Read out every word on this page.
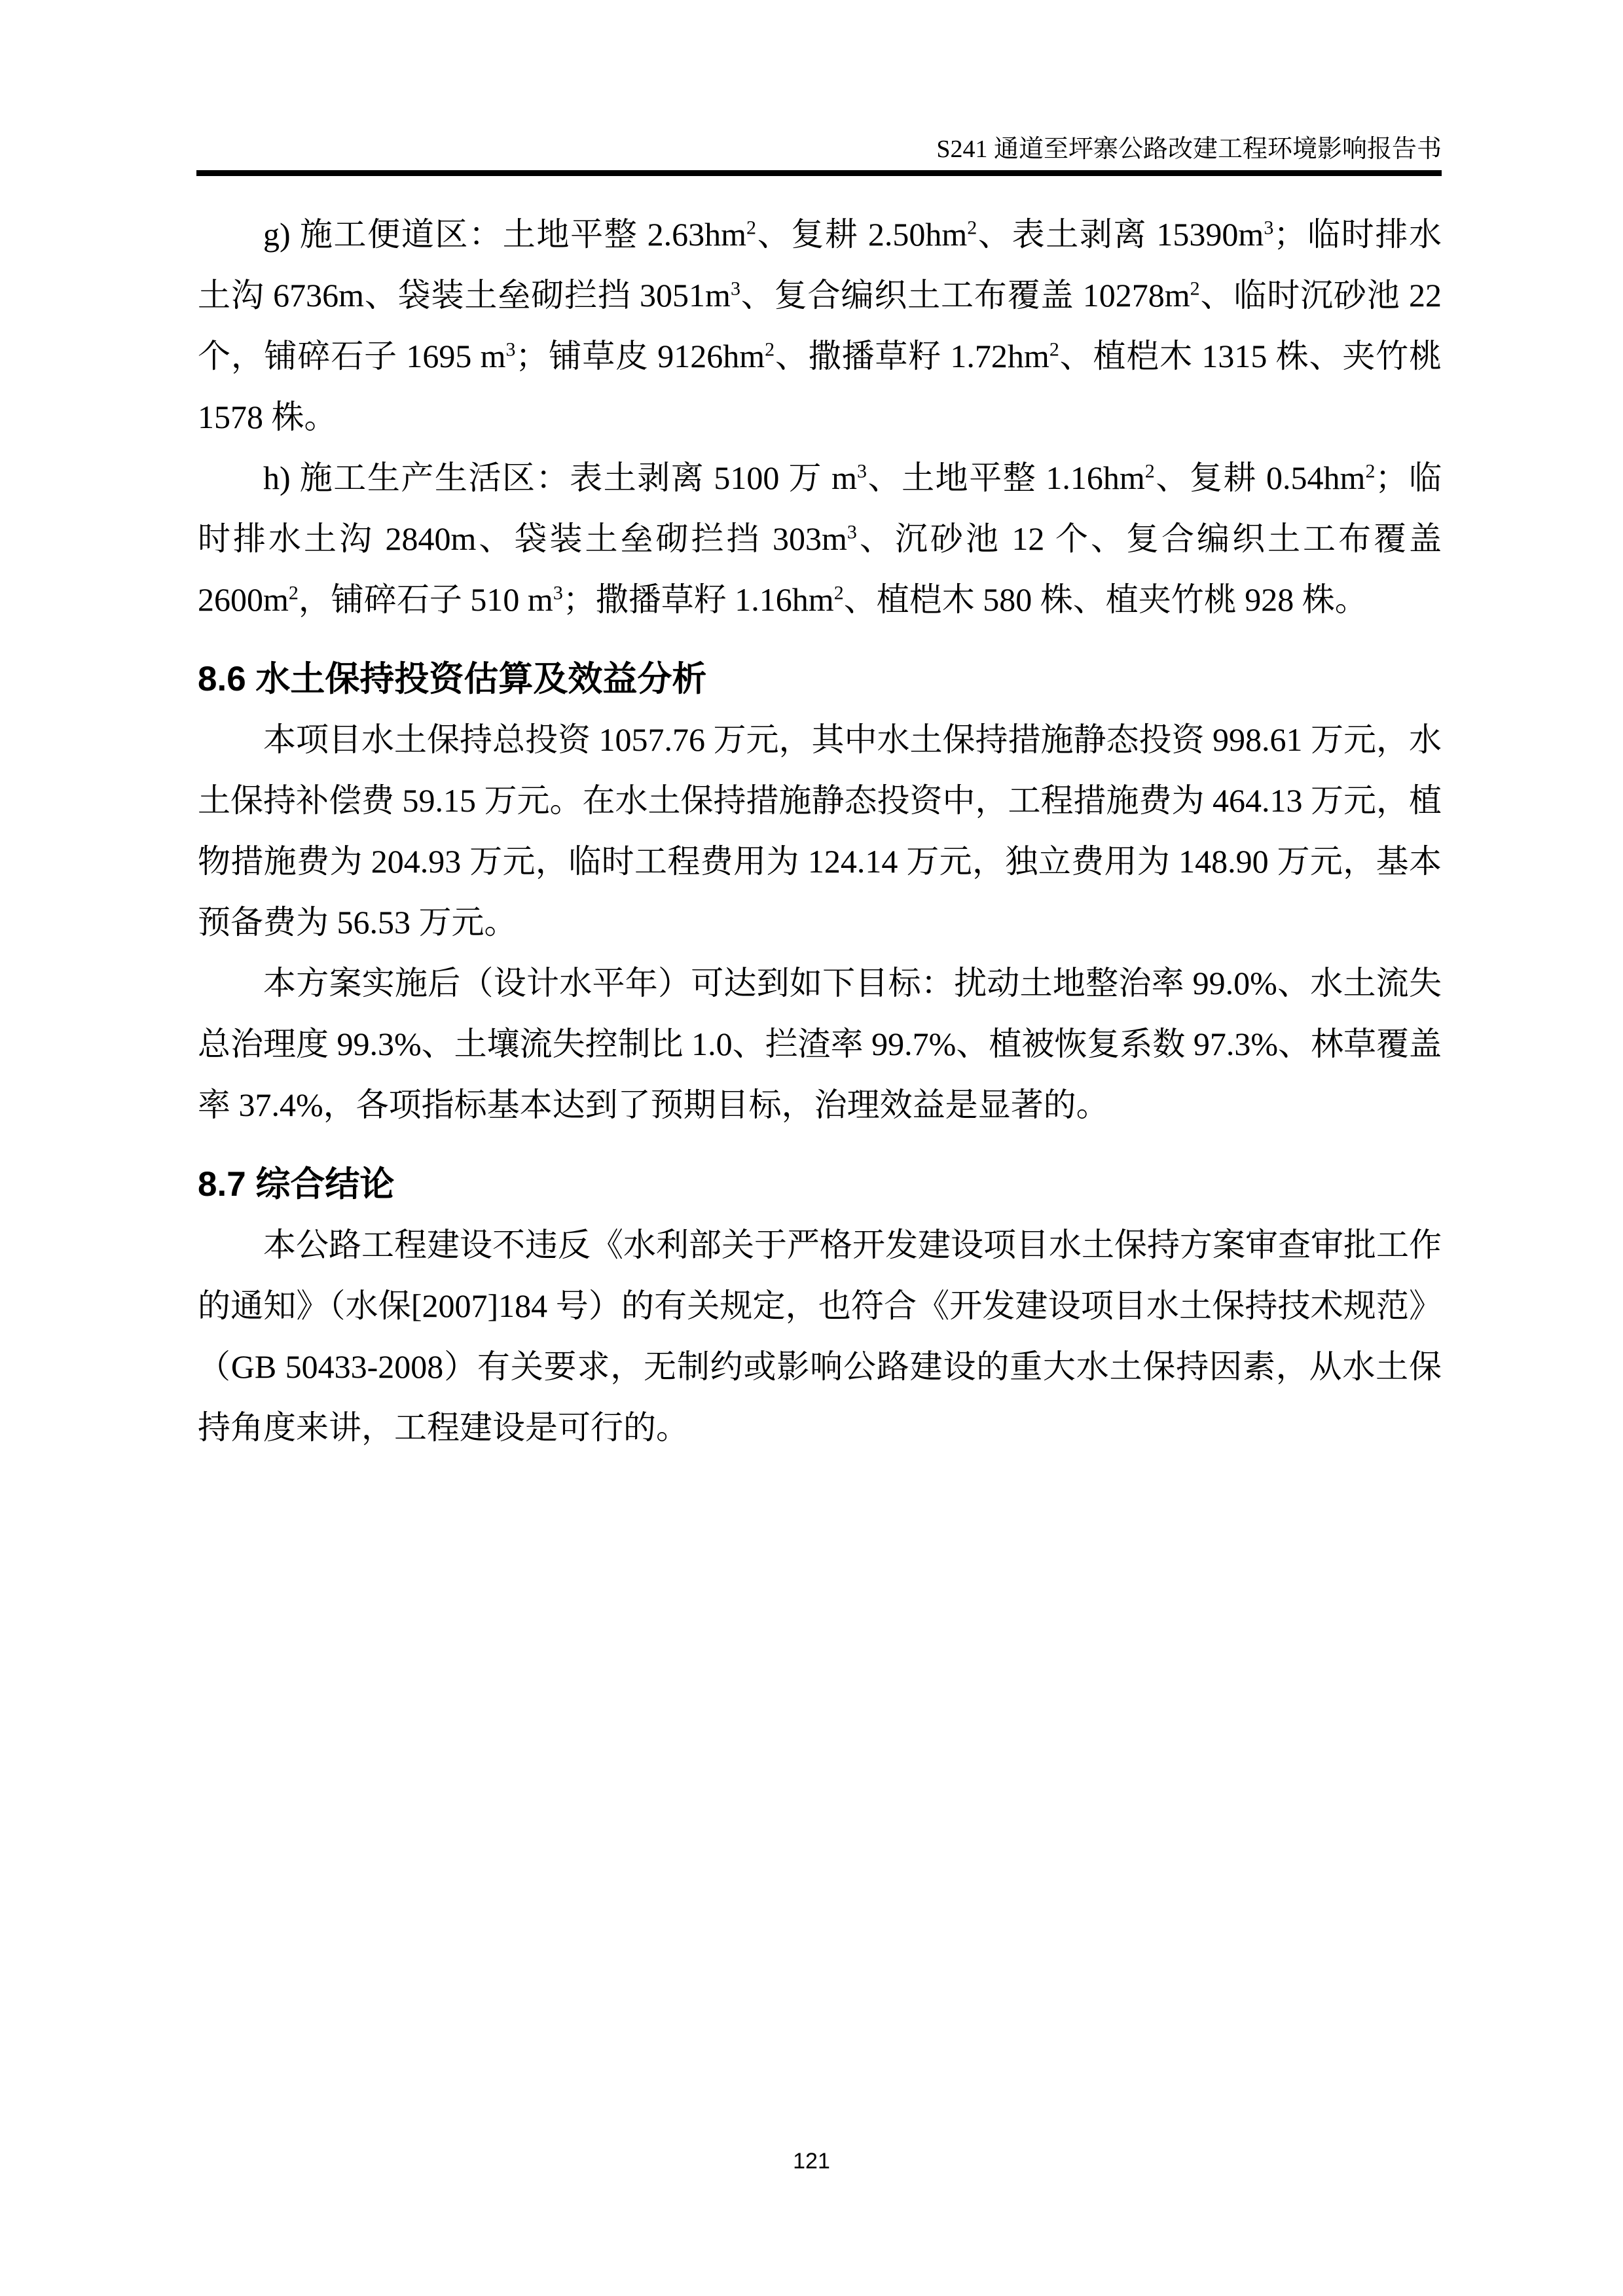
S241 通道至坪寨公路改建工程环境影响报告书
g) 施工便道区：土地平整 $2.63hm^2$、复耕 $2.50hm^2$、表土剥离 $15390m^3$；临时排水土沟 6736m、袋装土垒砌拦挡 $3051m^3$、复合编织土工布覆盖 $10278m^2$、临时沉砂池 22 个，铺碎石子 1695 $m^3$；铺草皮 $9126hm^2$、撒播草籽 $1.72hm^2$、植桤木 1315 株、夹竹桃 1578 株。
h) 施工生产生活区：表土剥离 5100 万 $m^3$、土地平整 $1.16hm^2$、复耕 $0.54hm^2$；临时排水土沟 2840m、袋装土垒砌拦挡 $303m^3$、沉砂池 12 个、复合编织土工布覆盖 $2600m^2$，铺碎石子 510 $m^3$；撒播草籽 $1.16hm^2$、植桤木 580 株、植夹竹桃 928 株。
8.6 水土保持投资估算及效益分析
本项目水土保持总投资 1057.76 万元，其中水土保持措施静态投资 998.61 万元，水土保持补偿费 59.15 万元。在水土保持措施静态投资中，工程措施费为 464.13 万元，植物措施费为 204.93 万元，临时工程费用为 124.14 万元，独立费用为 148.90 万元，基本预备费为 56.53 万元。
本方案实施后（设计水平年）可达到如下目标：扰动土地整治率 99.0%、水土流失总治理度 99.3%、土壤流失控制比 1.0、拦渣率 99.7%、植被恢复系数 97.3%、林草覆盖率 37.4%，各项指标基本达到了预期目标，治理效益是显著的。
8.7 综合结论
本公路工程建设不违反《水利部关于严格开发建设项目水土保持方案审查审批工作的通知》（水保[2007]184 号）的有关规定，也符合《开发建设项目水土保持技术规范》（GB 50433-2008）有关要求，无制约或影响公路建设的重大水土保持因素，从水土保持角度来讲，工程建设是可行的。
121
